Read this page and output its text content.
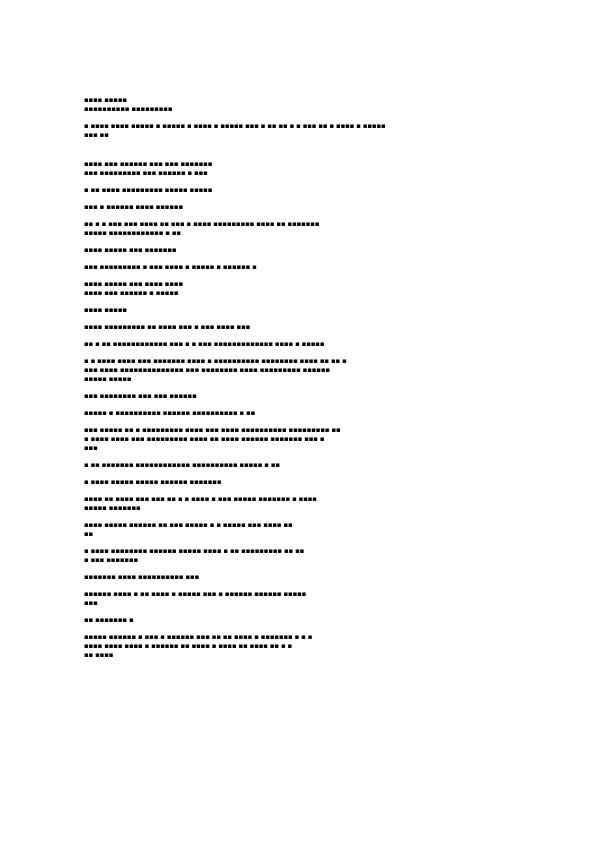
▪▪▪▪ ▪▪▪▪▪
▪▪▪▪▪▪▪▪▪▪ ▪▪▪▪▪▪▪▪▪
▪ ▪▪▪▪ ▪▪▪▪ ▪▪▪▪▪ ▪ ▪▪▪▪▪ ▪ ▪▪▪▪ ▪ ▪▪▪▪▪ ▪▪▪ ▪ ▪▪ ▪▪ ▪ ▪ ▪▪▪ ▪▪ ▪ ▪▪▪▪ ▪ ▪▪▪▪▪
▪▪▪ ▪▪
▪▪▪▪ ▪▪▪ ▪▪▪▪▪▪ ▪▪▪ ▪▪▪ ▪▪▪▪▪▪▪
▪▪▪ ▪▪▪▪▪▪▪▪▪ ▪▪▪ ▪▪▪▪▪▪ ▪ ▪▪▪
▪ ▪▪ ▪▪▪▪ ▪▪▪▪▪▪▪▪▪ ▪▪▪▪▪ ▪▪▪▪▪
▪▪▪ ▪ ▪▪▪▪▪▪ ▪▪▪▪ ▪▪▪▪▪▪
▪▪ ▪ ▪ ▪▪▪ ▪▪▪ ▪▪▪▪ ▪▪ ▪▪▪ ▪ ▪▪▪▪ ▪▪▪▪▪▪▪▪▪ ▪▪▪▪ ▪▪ ▪▪▪▪▪▪▪
▪▪▪▪▪ ▪▪▪▪▪▪▪▪▪▪▪▪ ▪ ▪▪
▪▪▪▪ ▪▪▪▪▪ ▪▪▪ ▪▪▪▪▪▪▪
▪▪▪ ▪▪▪▪▪▪▪▪▪ ▪ ▪▪▪ ▪▪▪▪ ▪ ▪▪▪▪▪ ▪ ▪▪▪▪▪▪ ▪
▪▪▪▪ ▪▪▪▪▪ ▪▪▪ ▪▪▪▪ ▪▪▪▪
▪▪▪▪ ▪▪▪ ▪▪▪▪▪▪ ▪ ▪▪▪▪▪
▪▪▪▪ ▪▪▪▪▪
▪▪▪▪ ▪▪▪▪▪▪▪▪▪ ▪▪ ▪▪▪▪ ▪▪▪ ▪ ▪▪▪ ▪▪▪▪ ▪▪▪
▪▪ ▪ ▪▪ ▪▪▪▪▪▪▪▪▪▪▪▪ ▪▪▪ ▪ ▪ ▪▪▪ ▪▪▪▪▪▪▪▪▪▪▪▪▪ ▪▪▪▪ ▪ ▪▪▪▪▪
▪ ▪ ▪▪▪▪ ▪▪▪▪ ▪▪▪ ▪▪▪▪▪▪▪ ▪▪▪▪ ▪ ▪▪▪▪▪▪▪▪▪▪ ▪▪▪▪▪▪▪▪ ▪▪▪▪ ▪▪ ▪▪ ▪
▪▪▪ ▪▪▪▪ ▪▪▪▪▪▪▪▪▪▪▪▪▪▪ ▪▪▪ ▪▪▪▪▪▪▪▪ ▪▪▪▪ ▪▪▪▪▪▪▪▪▪ ▪▪▪▪▪▪
▪▪▪▪▪ ▪▪▪▪▪
▪▪▪ ▪▪▪▪▪▪▪▪ ▪▪▪ ▪▪▪ ▪▪▪▪▪▪
▪▪▪▪▪ ▪ ▪▪▪▪▪▪▪▪▪▪ ▪▪▪▪▪▪ ▪▪▪▪▪▪▪▪▪▪ ▪ ▪▪
▪▪▪ ▪▪▪▪▪ ▪▪ ▪ ▪▪▪▪▪▪▪▪▪ ▪▪▪▪ ▪▪▪ ▪▪▪▪ ▪▪▪▪▪▪▪▪▪▪ ▪▪▪▪▪▪▪▪▪ ▪▪
▪ ▪▪▪▪ ▪▪▪▪ ▪▪▪ ▪▪▪▪▪▪▪▪▪ ▪▪▪▪ ▪▪ ▪▪▪▪ ▪▪▪▪▪▪ ▪▪▪▪▪▪▪ ▪▪▪ ▪
▪▪▪
▪ ▪▪ ▪▪▪▪▪▪▪ ▪▪▪▪▪▪▪▪▪▪▪▪ ▪▪▪▪▪▪▪▪▪▪ ▪▪▪▪▪ ▪ ▪▪
▪ ▪▪▪▪ ▪▪▪▪▪ ▪▪▪▪▪ ▪▪▪▪▪▪ ▪▪▪▪▪▪▪
▪▪▪▪ ▪▪ ▪▪▪▪ ▪▪▪ ▪▪▪ ▪▪ ▪ ▪ ▪▪▪▪ ▪ ▪▪▪ ▪▪▪▪▪ ▪▪▪▪▪▪▪ ▪ ▪▪▪▪
▪▪▪▪▪ ▪▪▪▪▪▪▪
▪▪▪▪ ▪▪▪▪▪ ▪▪▪▪▪▪ ▪▪ ▪▪▪ ▪▪▪▪▪ ▪ ▪ ▪▪▪▪▪ ▪▪▪ ▪▪▪▪ ▪▪
▪▪
▪ ▪▪▪▪ ▪▪▪▪▪▪▪▪ ▪▪▪▪▪▪ ▪▪▪▪▪ ▪▪▪▪ ▪ ▪▪ ▪▪▪▪▪▪▪▪▪ ▪▪ ▪▪
▪ ▪▪▪ ▪▪▪▪▪▪▪
▪▪▪▪▪▪▪ ▪▪▪▪ ▪▪▪▪▪▪▪▪▪▪ ▪▪▪
▪▪▪▪▪▪ ▪▪▪▪ ▪ ▪▪ ▪▪▪▪ ▪ ▪▪▪▪▪ ▪▪▪ ▪ ▪▪▪▪▪▪ ▪▪▪▪▪▪ ▪▪▪▪▪
▪▪▪
▪▪ ▪▪▪▪▪▪▪ ▪
▪▪▪▪▪ ▪▪▪▪▪▪ ▪ ▪▪▪ ▪ ▪▪▪▪▪▪ ▪▪▪ ▪▪ ▪▪ ▪▪▪▪ ▪ ▪▪▪▪▪▪▪ ▪ ▪ ▪
▪▪▪▪ ▪▪▪▪ ▪▪▪▪ ▪ ▪▪▪▪▪▪ ▪▪ ▪▪▪▪ ▪ ▪▪▪▪ ▪▪ ▪▪▪▪ ▪▪ ▪ ▪
▪▪ ▪▪▪▪
